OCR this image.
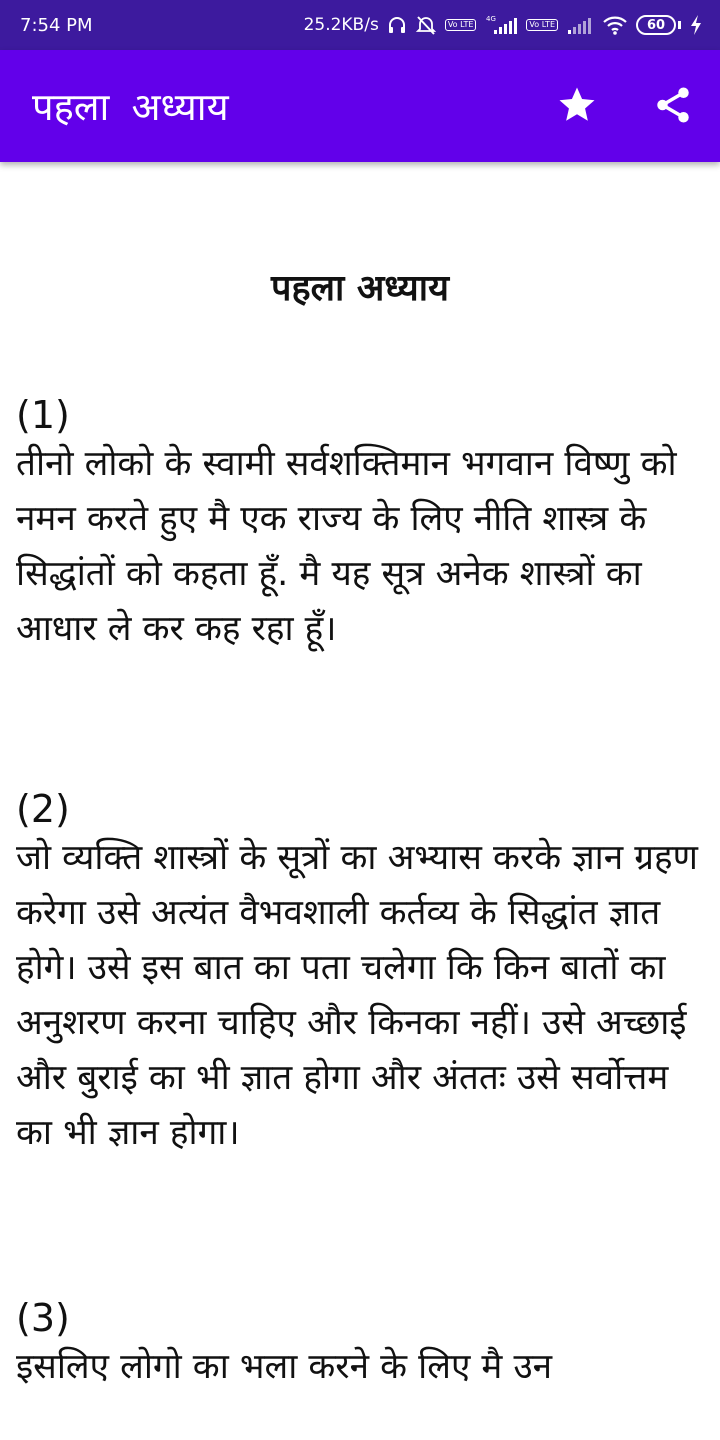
7:54 PM	25.2KB/s	Vo LTE
4G
Vo LTE	60
पहला अध्याय
पहला अध्याय
(1)

तीनो लोको के स्वामी सर्वशक्तिमान भगवान विष्णु को नमन करते हुए मै एक राज्य के लिए नीति शास्त्र के सिद्धांतों को कहता हूँ. मै यह सूत्र अनेक शास्त्रों का आधार ले कर कह रहा हूँ।

(2)

जो व्यक्ति शास्त्रों के सूत्रों का अभ्यास करके ज्ञान ग्रहण करेगा उसे अत्यंत वैभवशाली कर्तव्य के सिद्धांत ज्ञात होगे। उसे इस बात का पता चलेगा कि किन बातों का अनुशरण करना चाहिए और किनका नहीं। उसे अच्छाई और बुराई का भी ज्ञात होगा और अंततः उसे सर्वोत्तम का भी ज्ञान होगा।

(3)

इसलिए लोगो का भला करने के लिए मै उन
